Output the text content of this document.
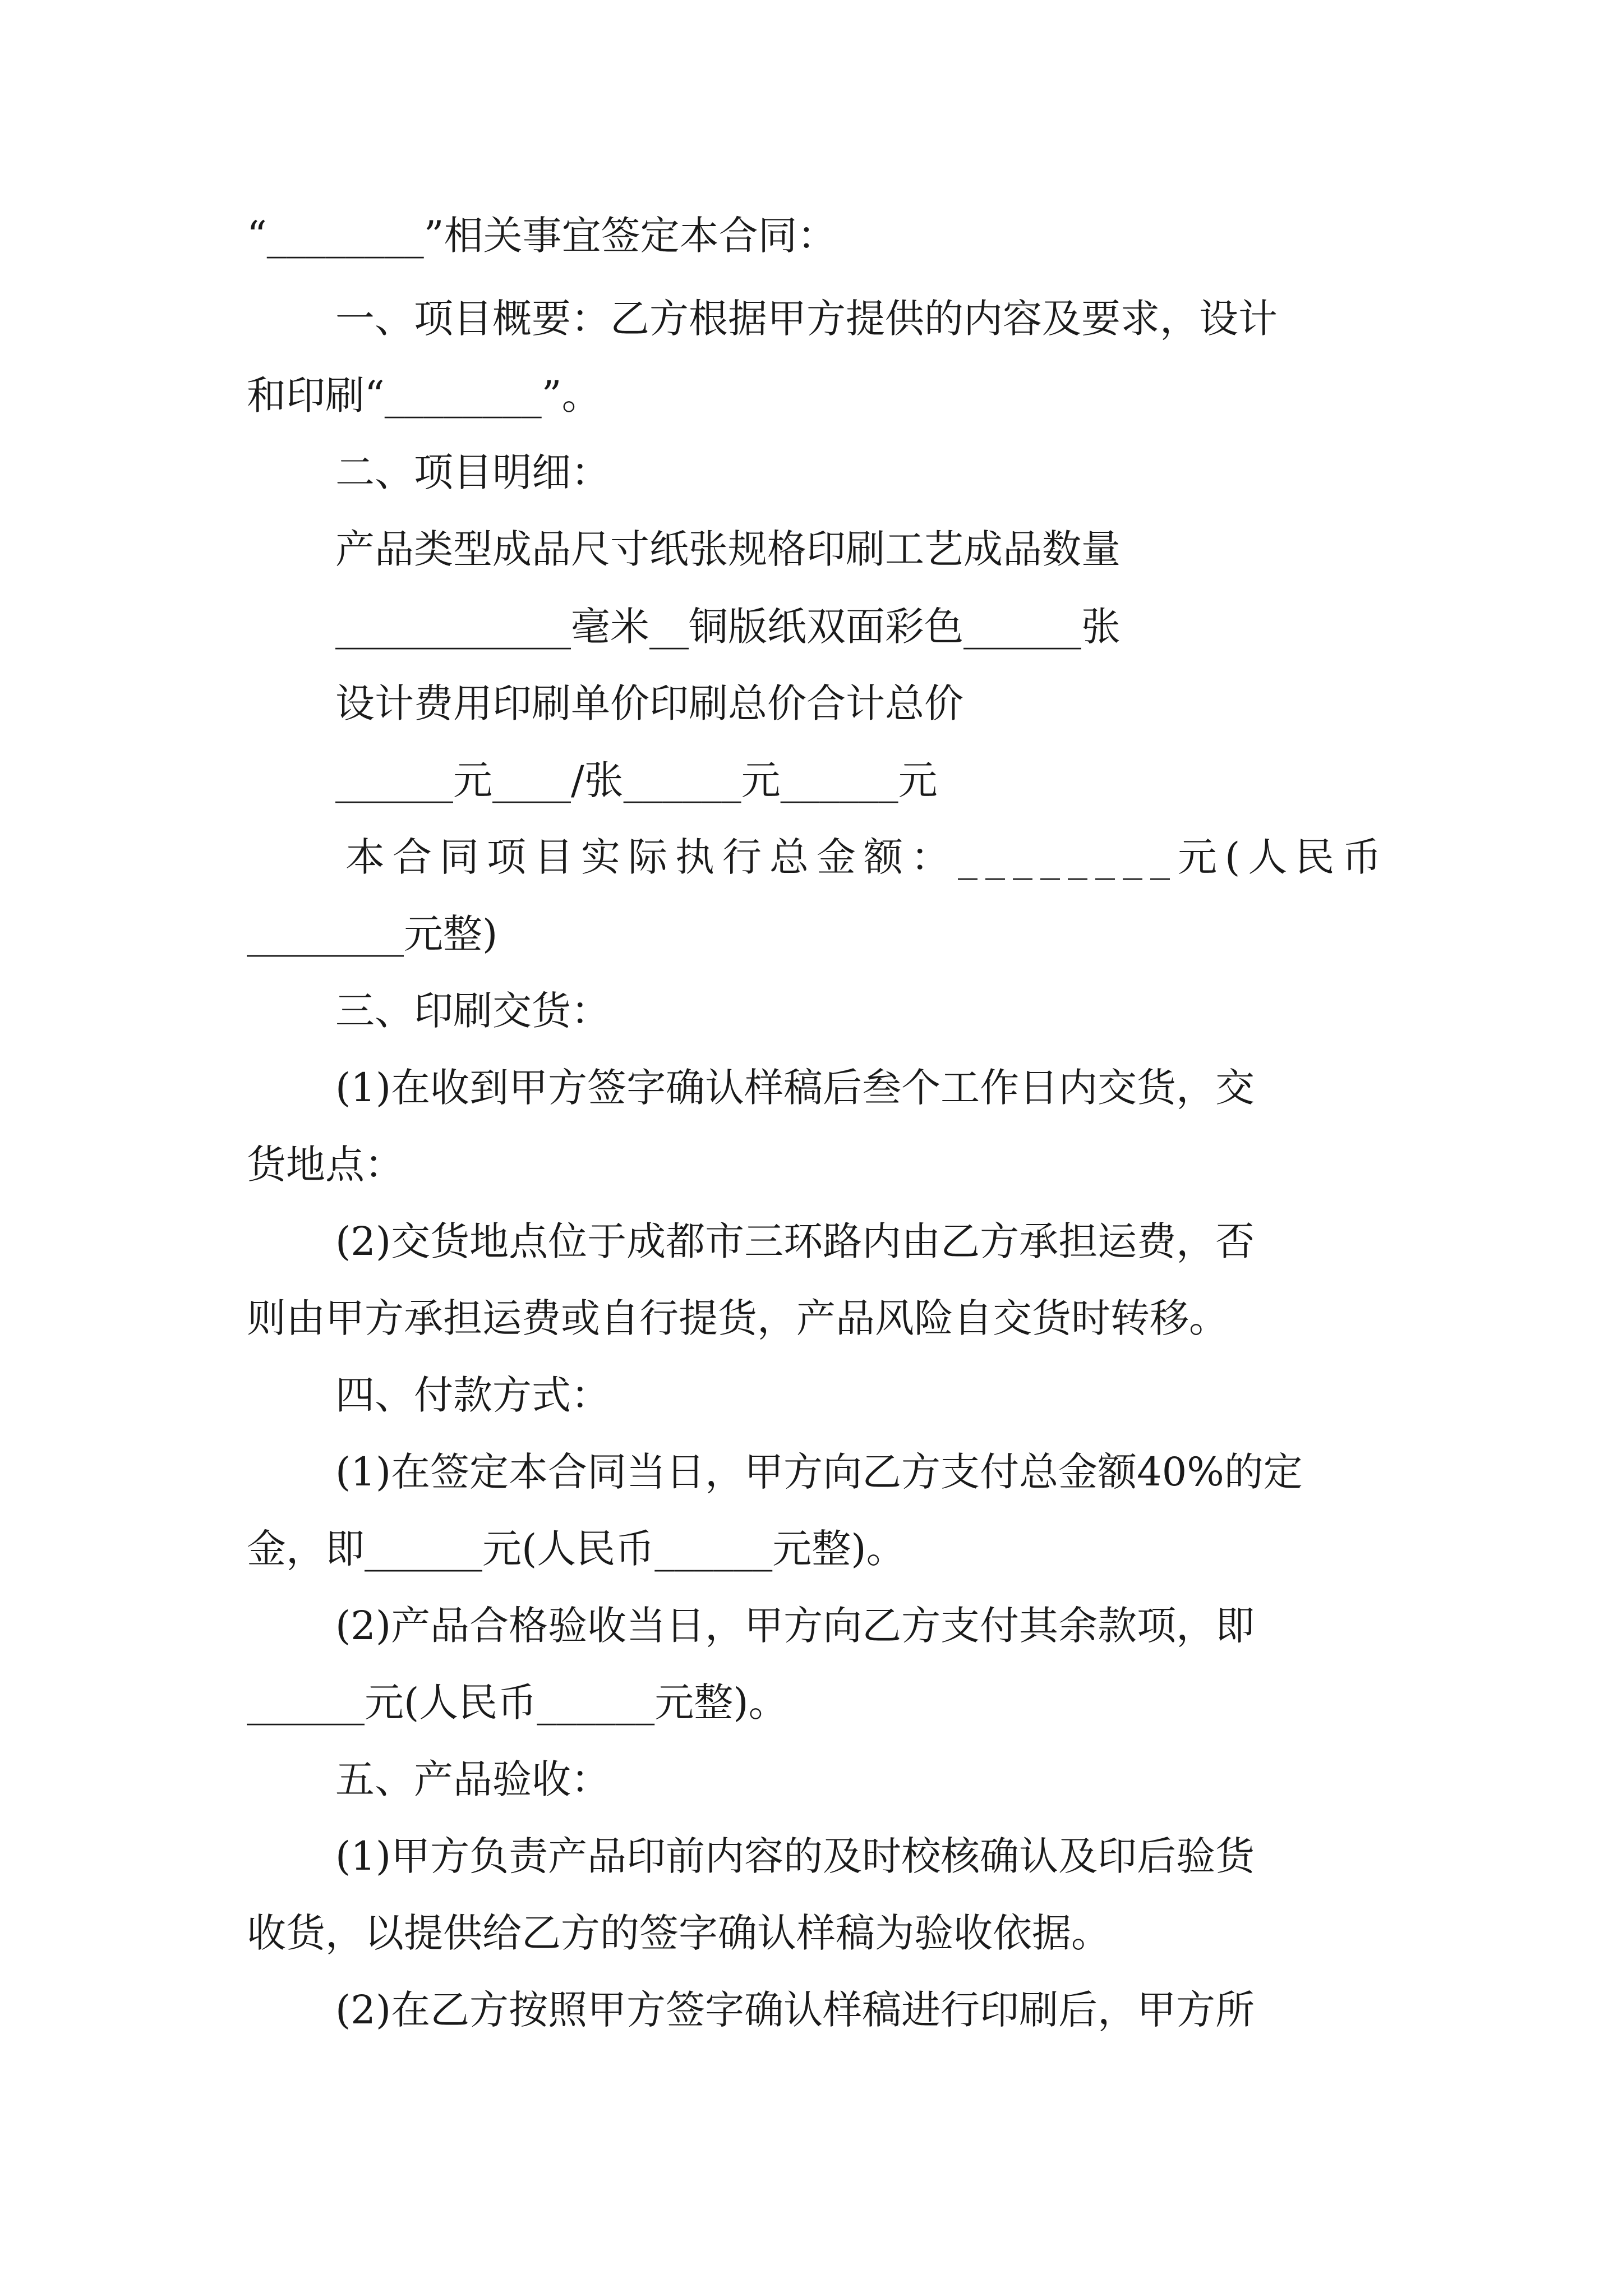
“________”相关事宜签定本合同：
一、项目概要：乙方根据甲方提供的内容及要求，设计
和印刷“________”。
二、项目明细：
产品类型成品尺寸纸张规格印刷工艺成品数量
____________毫米__铜版纸双面彩色______张
设计费用印刷单价印刷总价合计总价
______元____/张______元______元
本合同项目实际执行总金额：________元(人民币
________元整)
三、印刷交货：
(1)在收到甲方签字确认样稿后叁个工作日内交货，交
货地点：
(2)交货地点位于成都市三环路内由乙方承担运费，否
则由甲方承担运费或自行提货，产品风险自交货时转移。
四、付款方式：
(1)在签定本合同当日，甲方向乙方支付总金额40%的定
金，即______元(人民币______元整)。
(2)产品合格验收当日，甲方向乙方支付其余款项，即
______元(人民币______元整)。
五、产品验收：
(1)甲方负责产品印前内容的及时校核确认及印后验货
收货，以提供给乙方的签字确认样稿为验收依据。
(2)在乙方按照甲方签字确认样稿进行印刷后，甲方所
